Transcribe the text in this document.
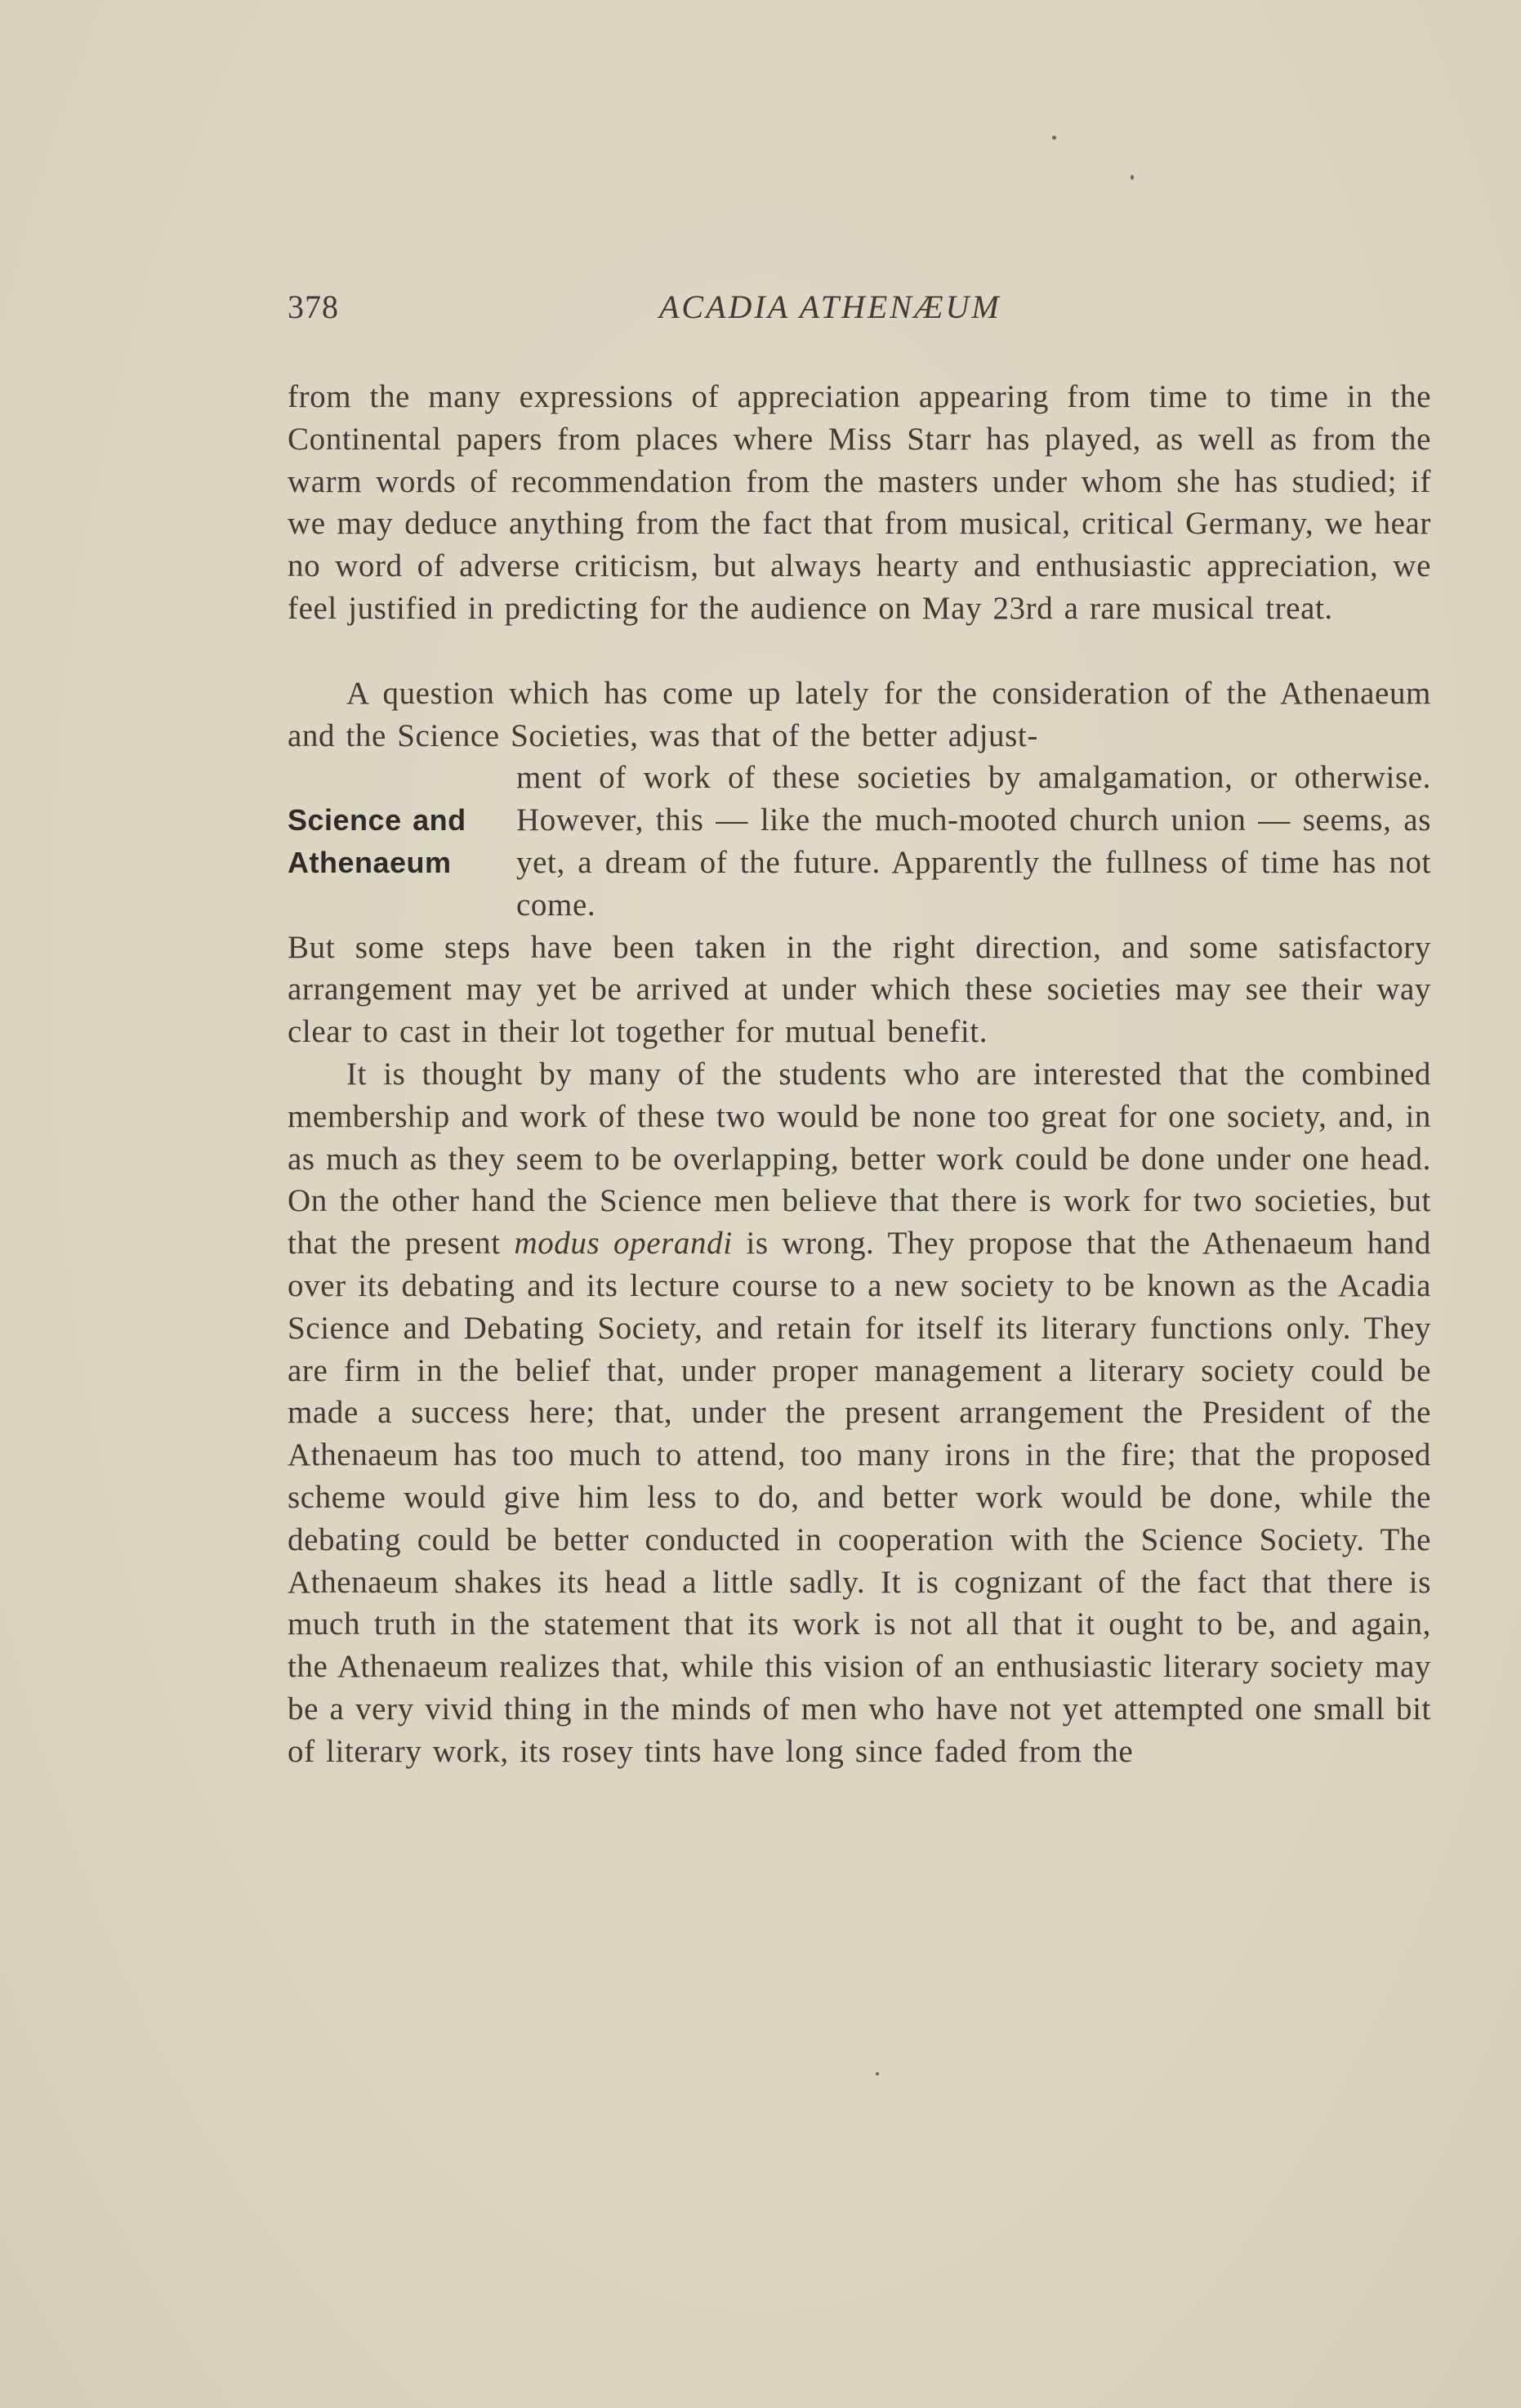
378	ACADIA ATHENÆUM

from the many expressions of appreciation appearing from time to time in the Continental papers from places where Miss Starr has played, as well as from the warm words of recommendation from the masters under whom she has studied; if we may deduce anything from the fact that from musical, critical Germany, we hear no word of adverse criticism, but always hearty and enthusiastic appreciation, we feel justified in predicting for the audience on May 23rd a rare musical treat.

A question which has come up lately for the consideration of the Athenaeum and the Science Societies, was that of the better adjust-

Science and
Athenaeum

ment of work of these societies by amalgamation, or otherwise. However, this — like the much-mooted church union — seems, as yet, a dream of the future. Apparently the fullness of time has not come.

But some steps have been taken in the right direction, and some satisfactory arrangement may yet be arrived at under which these societies may see their way clear to cast in their lot together for mutual benefit.

It is thought by many of the students who are interested that the combined membership and work of these two would be none too great for one society, and, in as much as they seem to be overlapping, better work could be done under one head. On the other hand the Science men believe that there is work for two societies, but that the present modus operandi is wrong. They propose that the Athenaeum hand over its debating and its lecture course to a new society to be known as the Acadia Science and Debating Society, and retain for itself its literary functions only. They are firm in the belief that, under proper management a literary society could be made a success here; that, under the present arrangement the President of the Athenaeum has too much to attend, too many irons in the fire; that the proposed scheme would give him less to do, and better work would be done, while the debating could be better conducted in cooperation with the Science Society. The Athenaeum shakes its head a little sadly. It is cognizant of the fact that there is much truth in the statement that its work is not all that it ought to be, and again, the Athenaeum realizes that, while this vision of an enthusiastic literary society may be a very vivid thing in the minds of men who have not yet attempted one small bit of literary work, its rosey tints have long since faded from the
